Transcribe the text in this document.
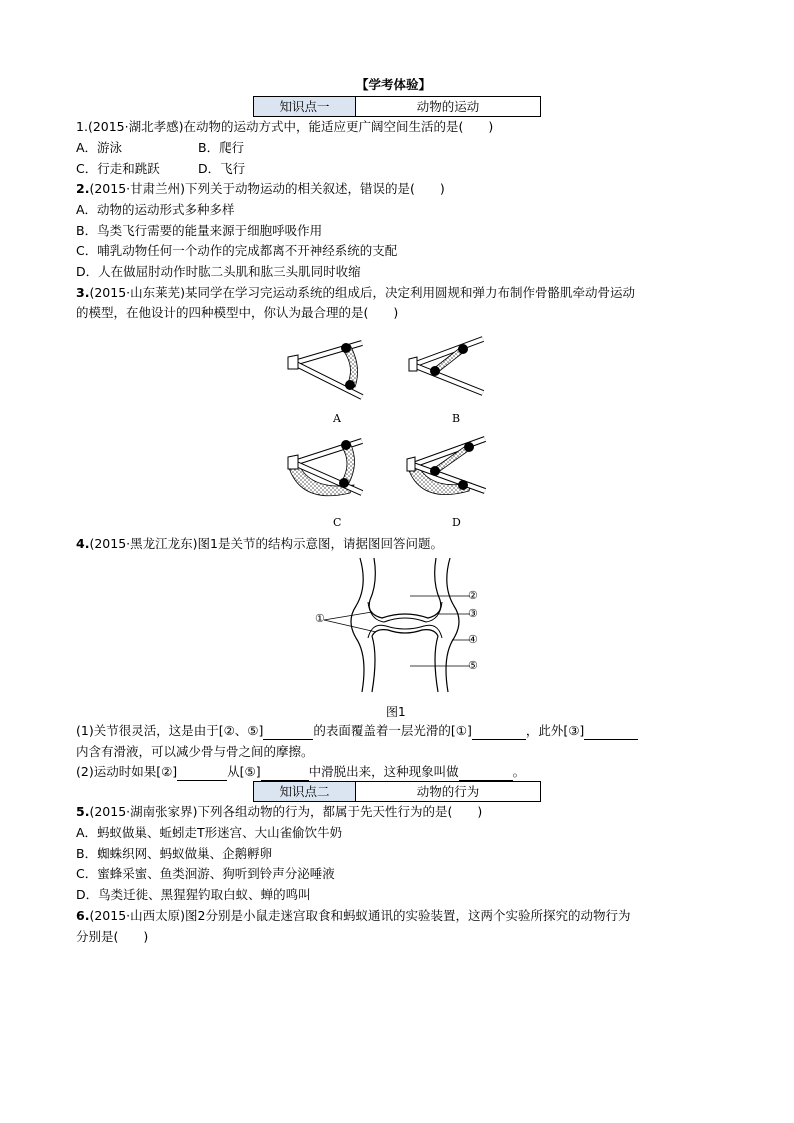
【学考体验】
知识点一	动物的运动
1.(2015·湖北孝感)在动物的运动方式中，能适应更广阔空间生活的是(　　)
A．游泳	B．爬行
C．行走和跳跃	D．飞行
2.(2015·甘肃兰州)下列关于动物运动的相关叙述，错误的是(　　)
A．动物的运动形式多种多样
B．鸟类飞行需要的能量来源于细胞呼吸作用
C．哺乳动物任何一个动作的完成都离不开神经系统的支配
D．人在做屈肘动作时肱二头肌和肱三头肌同时收缩
3.(2015·山东莱芜)某同学在学习完运动系统的组成后，决定利用圆规和弹力布制作骨骼肌牵动骨运动
的模型，在他设计的四种模型中，你认为最合理的是(　　)
A	B
C	D
4.(2015·黑龙江龙东)图1是关节的结构示意图，请据图回答问题。
①
②
③
④
⑤
图1
(1)关节很灵活，这是由于[②、⑤]	的表面覆盖着一层光滑的[①]	，此外[③]
内含有滑液，可以减少骨与骨之间的摩擦。
(2)运动时如果[②]	从[⑤]	中滑脱出来，这种现象叫做	。
知识点二	动物的行为
5.(2015·湖南张家界)下列各组动物的行为，都属于先天性行为的是(　　)
A．蚂蚁做巢、蚯蚓走T形迷宫、大山雀偷饮牛奶
B．蜘蛛织网、蚂蚁做巢、企鹅孵卵
C．蜜蜂采蜜、鱼类洄游、狗听到铃声分泌唾液
D．鸟类迁徙、黑猩猩钓取白蚁、蝉的鸣叫
6.(2015·山西太原)图2分别是小鼠走迷宫取食和蚂蚁通讯的实验装置，这两个实验所探究的动物行为
分别是(　　)
